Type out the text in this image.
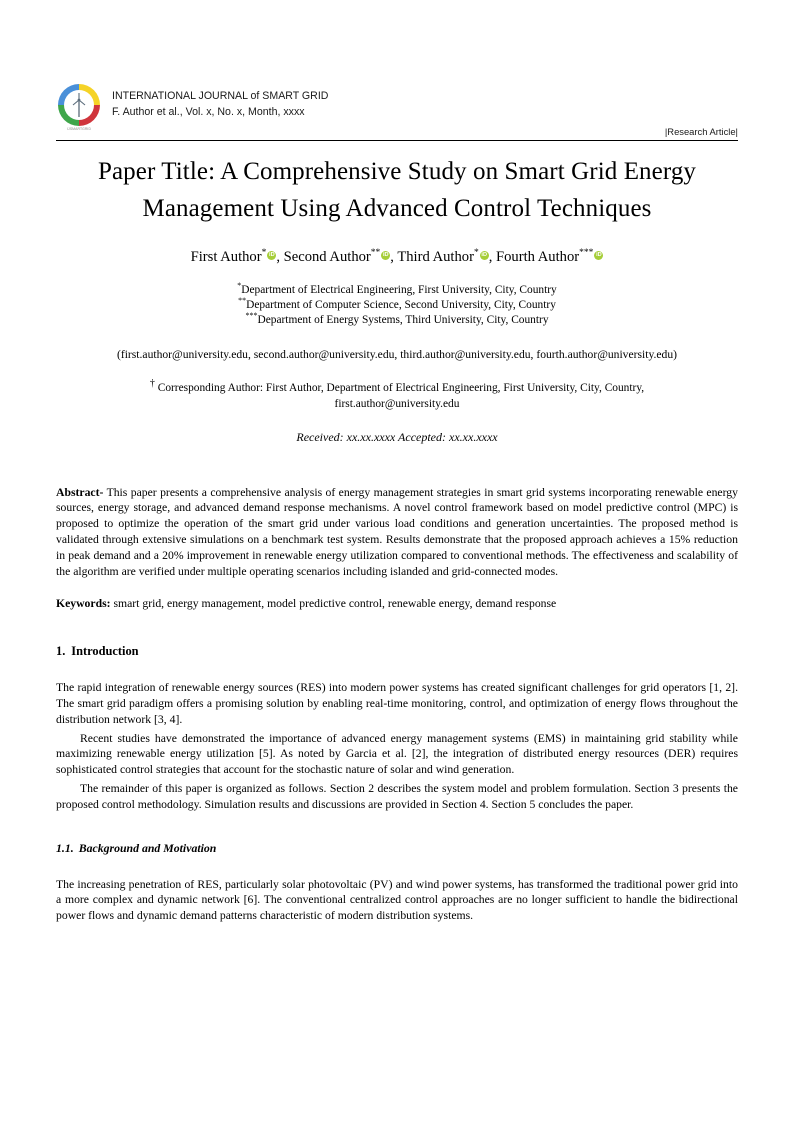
IJSMARTGRID
INTERNATIONAL JOURNAL of SMART GRID
F. Author et al., Vol. x, No. x, Month, xxxx
|Research Article|
Paper Title: A Comprehensive Study on Smart Grid Energy Management Using Advanced Control Techniques
First Author* iD , Second Author** iD , Third Author* iD , Fourth Author***iD
*Department of Electrical Engineering, First University, City, Country
**Department of Computer Science, Second University, City, Country
***Department of Energy Systems, Third University, City, Country
(first.author@university.edu, second.author@university.edu, third.author@university.edu, fourth.author@university.edu)
† Corresponding Author: First Author, Department of Electrical Engineering, First University, City, Country,
first.author@university.edu
Received: xx.xx.xxxx Accepted: xx.xx.xxxx
Abstract- This paper presents a comprehensive analysis of energy management strategies in smart grid systems incorporating renewable energy sources, energy storage, and advanced demand response mechanisms. A novel control framework based on model predictive control (MPC) is proposed to optimize the operation of the smart grid under various load conditions and generation uncertainties. The proposed method is validated through extensive simulations on a benchmark test system. Results demonstrate that the proposed approach achieves a 15% reduction in peak demand and a 20% improvement in renewable energy utilization compared to conventional methods. The effectiveness and scalability of the algorithm are verified under multiple operating scenarios including islanded and grid-connected modes.
Keywords: smart grid, energy management, model predictive control, renewable energy, demand response
1. Introduction

The rapid integration of renewable energy sources (RES) into modern power systems has created significant challenges for grid operators [1, 2]. The smart grid paradigm offers a promising solution by enabling real-time monitoring, control, and optimization of energy flows throughout the distribution network [3, 4].

Recent studies have demonstrated the importance of advanced energy management systems (EMS) in maintaining grid stability while maximizing renewable energy utilization [5]. As noted by Garcia et al. [2], the integration of distributed energy resources (DER) requires sophisticated control strategies that account for the stochastic nature of solar and wind generation.

The remainder of this paper is organized as follows. Section 2 describes the system model and problem formulation. Section 3 presents the proposed control methodology. Simulation results and discussions are provided in Section 4. Section 5 concludes the paper.

1.1. Background and Motivation

The increasing penetration of RES, particularly solar photovoltaic (PV) and wind power systems, has transformed the traditional power grid into a more complex and dynamic network [6]. The conventional centralized control approaches are no longer sufficient to handle the bidirectional power flows and dynamic demand patterns characteristic of modern distribution systems.
